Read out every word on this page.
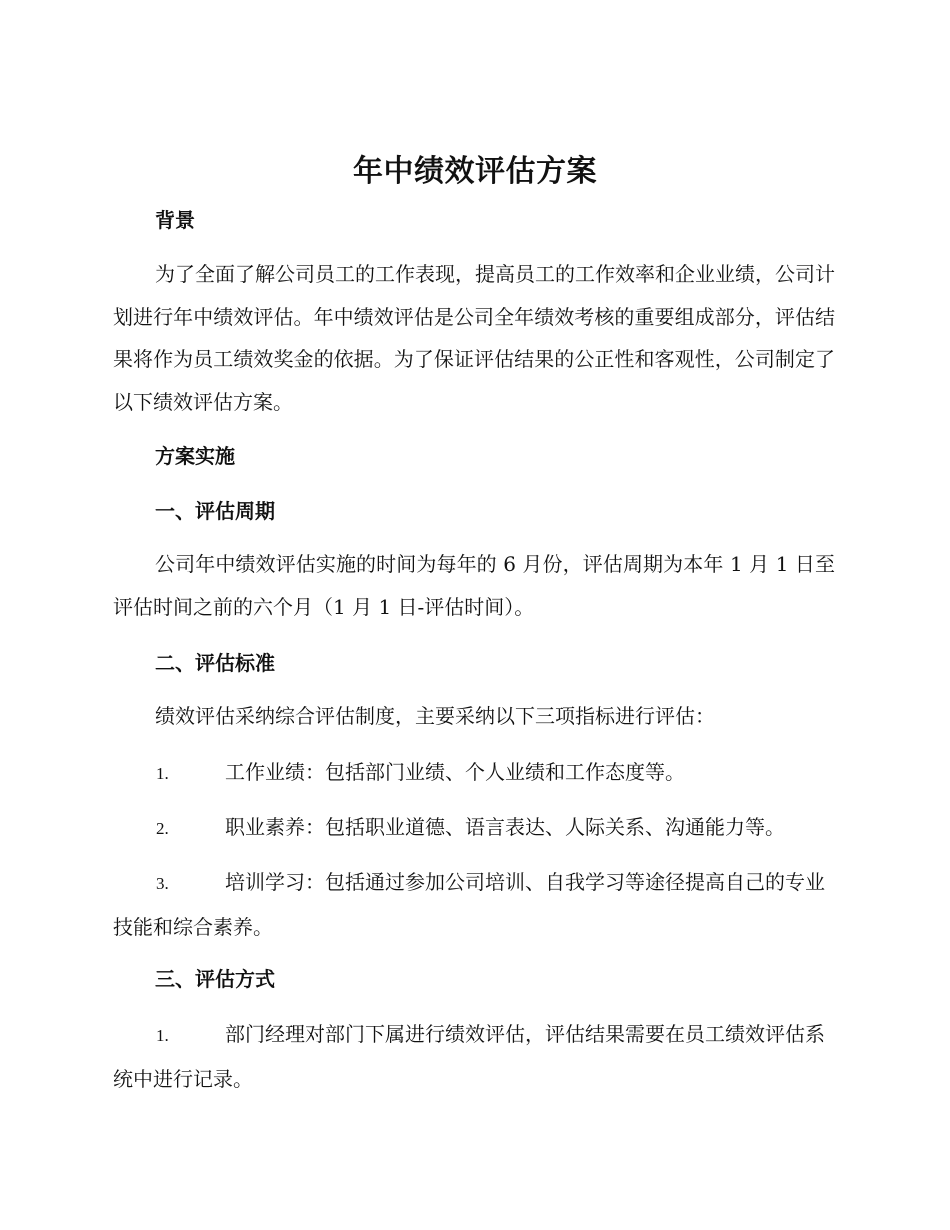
年中绩效评估方案
背景
为了全面了解公司员工的工作表现，提高员工的工作效率和企业业绩，公司计划进行年中绩效评估。年中绩效评估是公司全年绩效考核的重要组成部分，评估结果将作为员工绩效奖金的依据。为了保证评估结果的公正性和客观性，公司制定了以下绩效评估方案。
方案实施
一、评估周期
公司年中绩效评估实施的时间为每年的 6 月份，评估周期为本年 1 月 1 日至评估时间之前的六个月（1 月 1 日-评估时间）。
二、评估标准
绩效评估采纳综合评估制度，主要采纳以下三项指标进行评估：
1.	工作业绩：包括部门业绩、个人业绩和工作态度等。
2.	职业素养：包括职业道德、语言表达、人际关系、沟通能力等。
3.	培训学习：包括通过参加公司培训、自我学习等途径提高自己的专业技能和综合素养。
三、评估方式
1.	部门经理对部门下属进行绩效评估，评估结果需要在员工绩效评估系统中进行记录。
